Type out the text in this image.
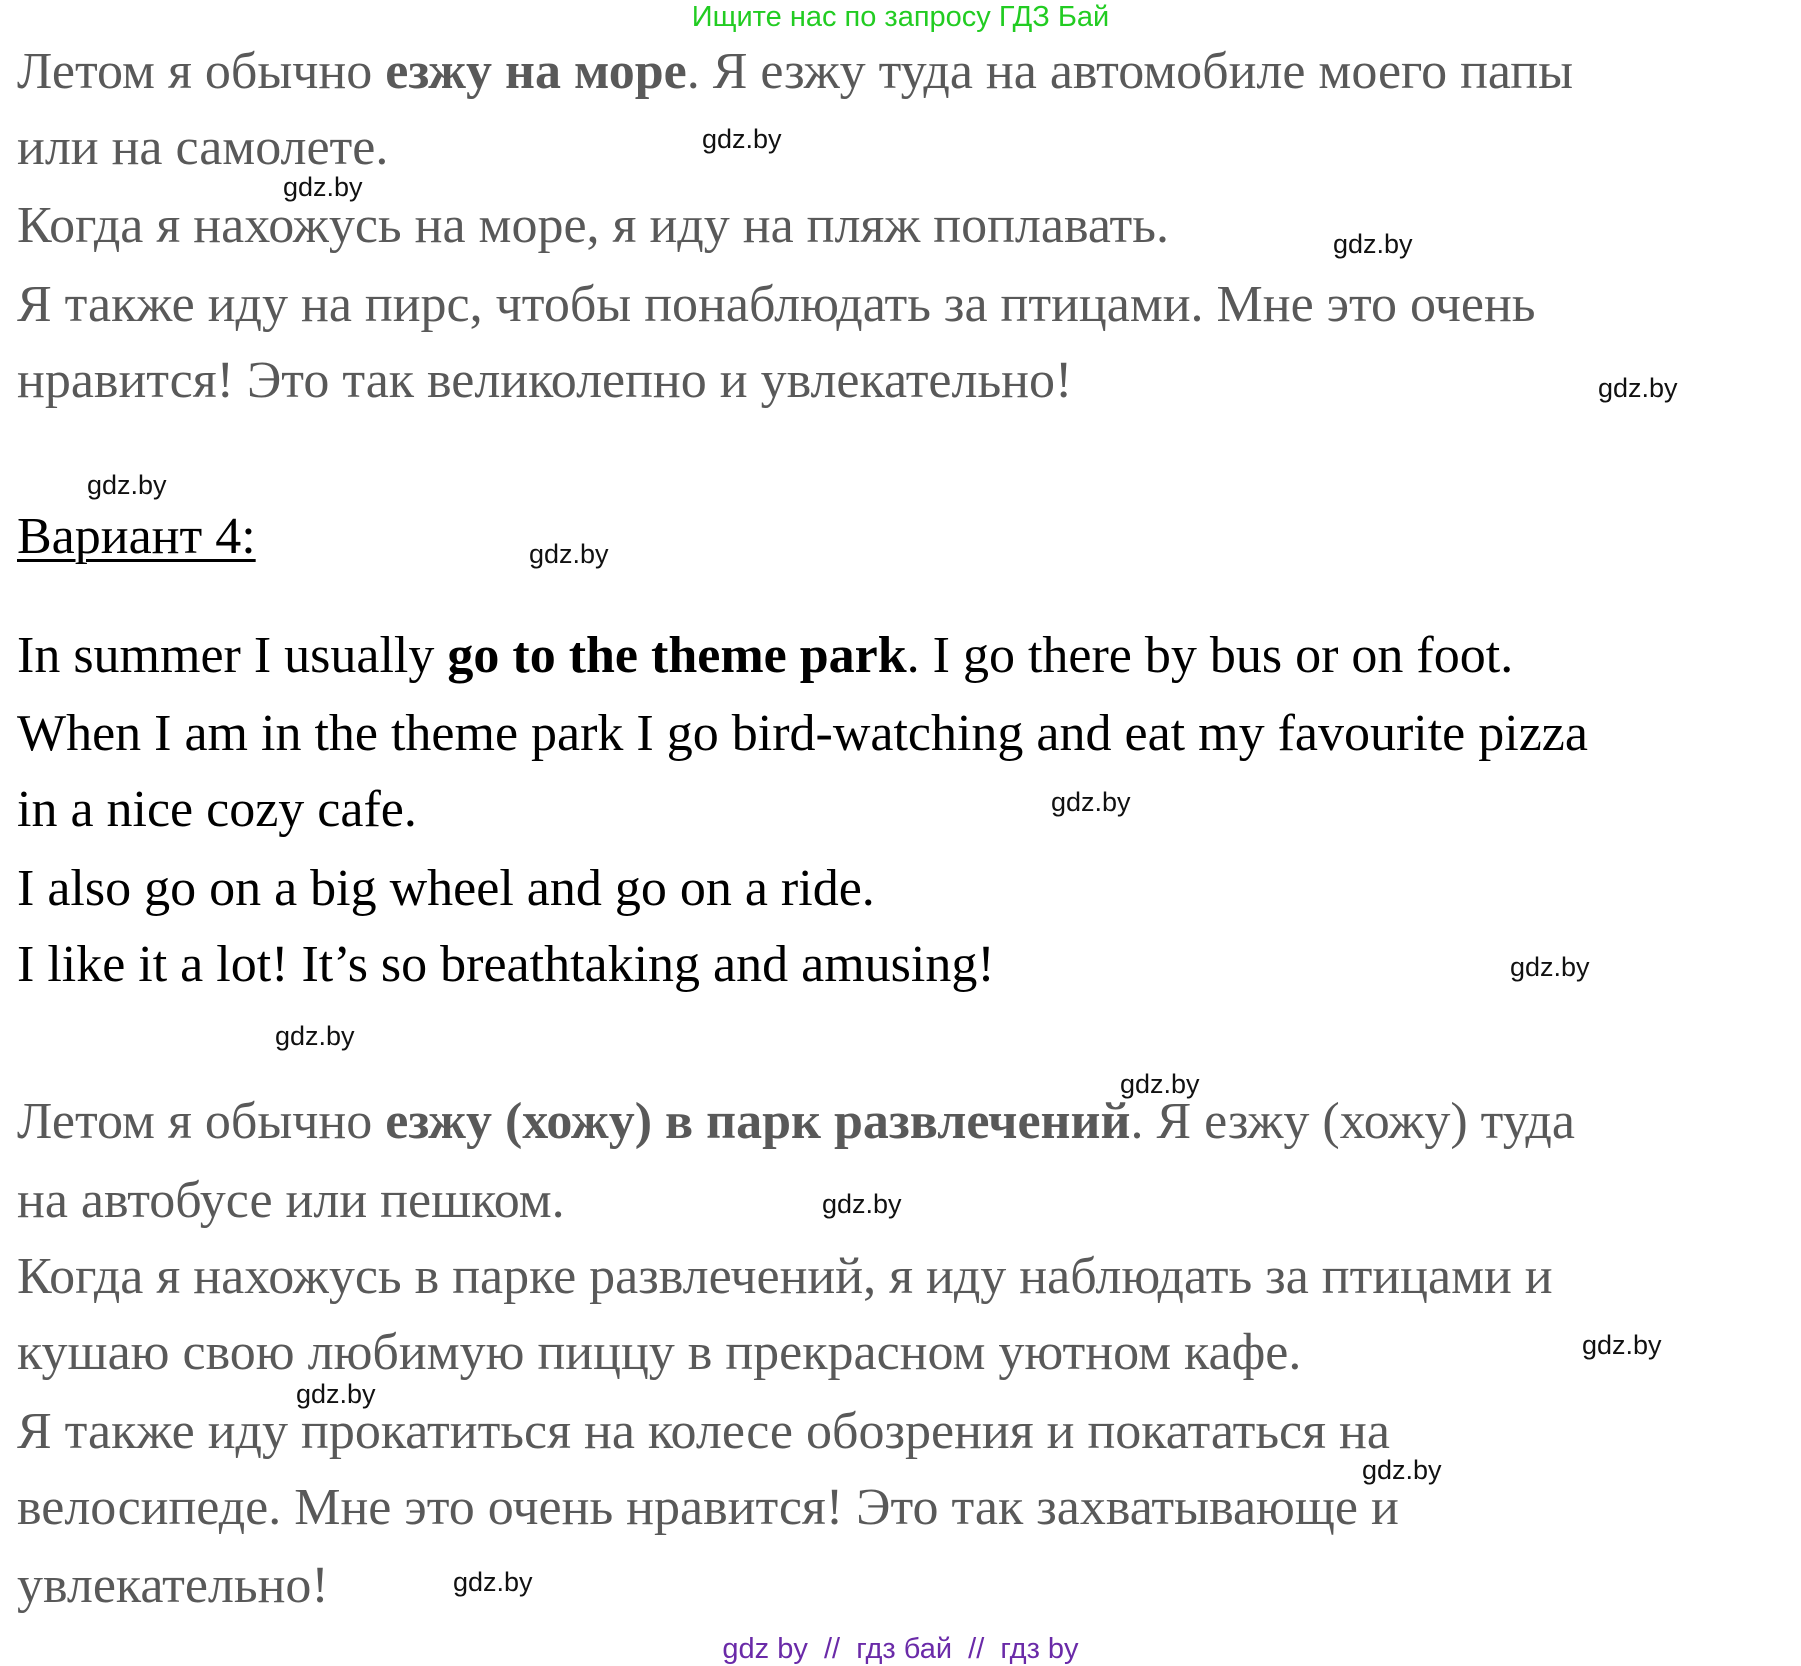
Ищите нас по запросу ГДЗ Бай
Летом я обычно езжу на море. Я езжу туда на автомобиле моего папы
или на самолете.
Когда я нахожусь на море, я иду на пляж поплавать.
Я также иду на пирс, чтобы понаблюдать за птицами. Мне это очень
нравится! Это так великолепно и увлекательно!
Вариант 4:
In summer I usually go to the theme park. I go there by bus or on foot.
When I am in the theme park I go bird-watching and eat my favourite pizza
in a nice cozy cafe.
I also go on a big wheel and go on a ride.
I like it a lot! It’s so breathtaking and amusing!
Летом я обычно езжу (хожу) в парк развлечений. Я езжу (хожу) туда
на автобусе или пешком.
Когда я нахожусь в парке развлечений, я иду наблюдать за птицами и
кушаю свою любимую пиццу в прекрасном уютном кафе.
Я также иду прокатиться на колесе обозрения и покататься на
велосипеде. Мне это очень нравится! Это так захватывающе и
увлекательно!
gdz.by
gdz.by
gdz.by
gdz.by
gdz.by
gdz.by
gdz.by
gdz.by
gdz.by
gdz.by
gdz.by
gdz.by
gdz.by
gdz.by
gdz.by
gdz by  //  гдз бай  //  гдз by
